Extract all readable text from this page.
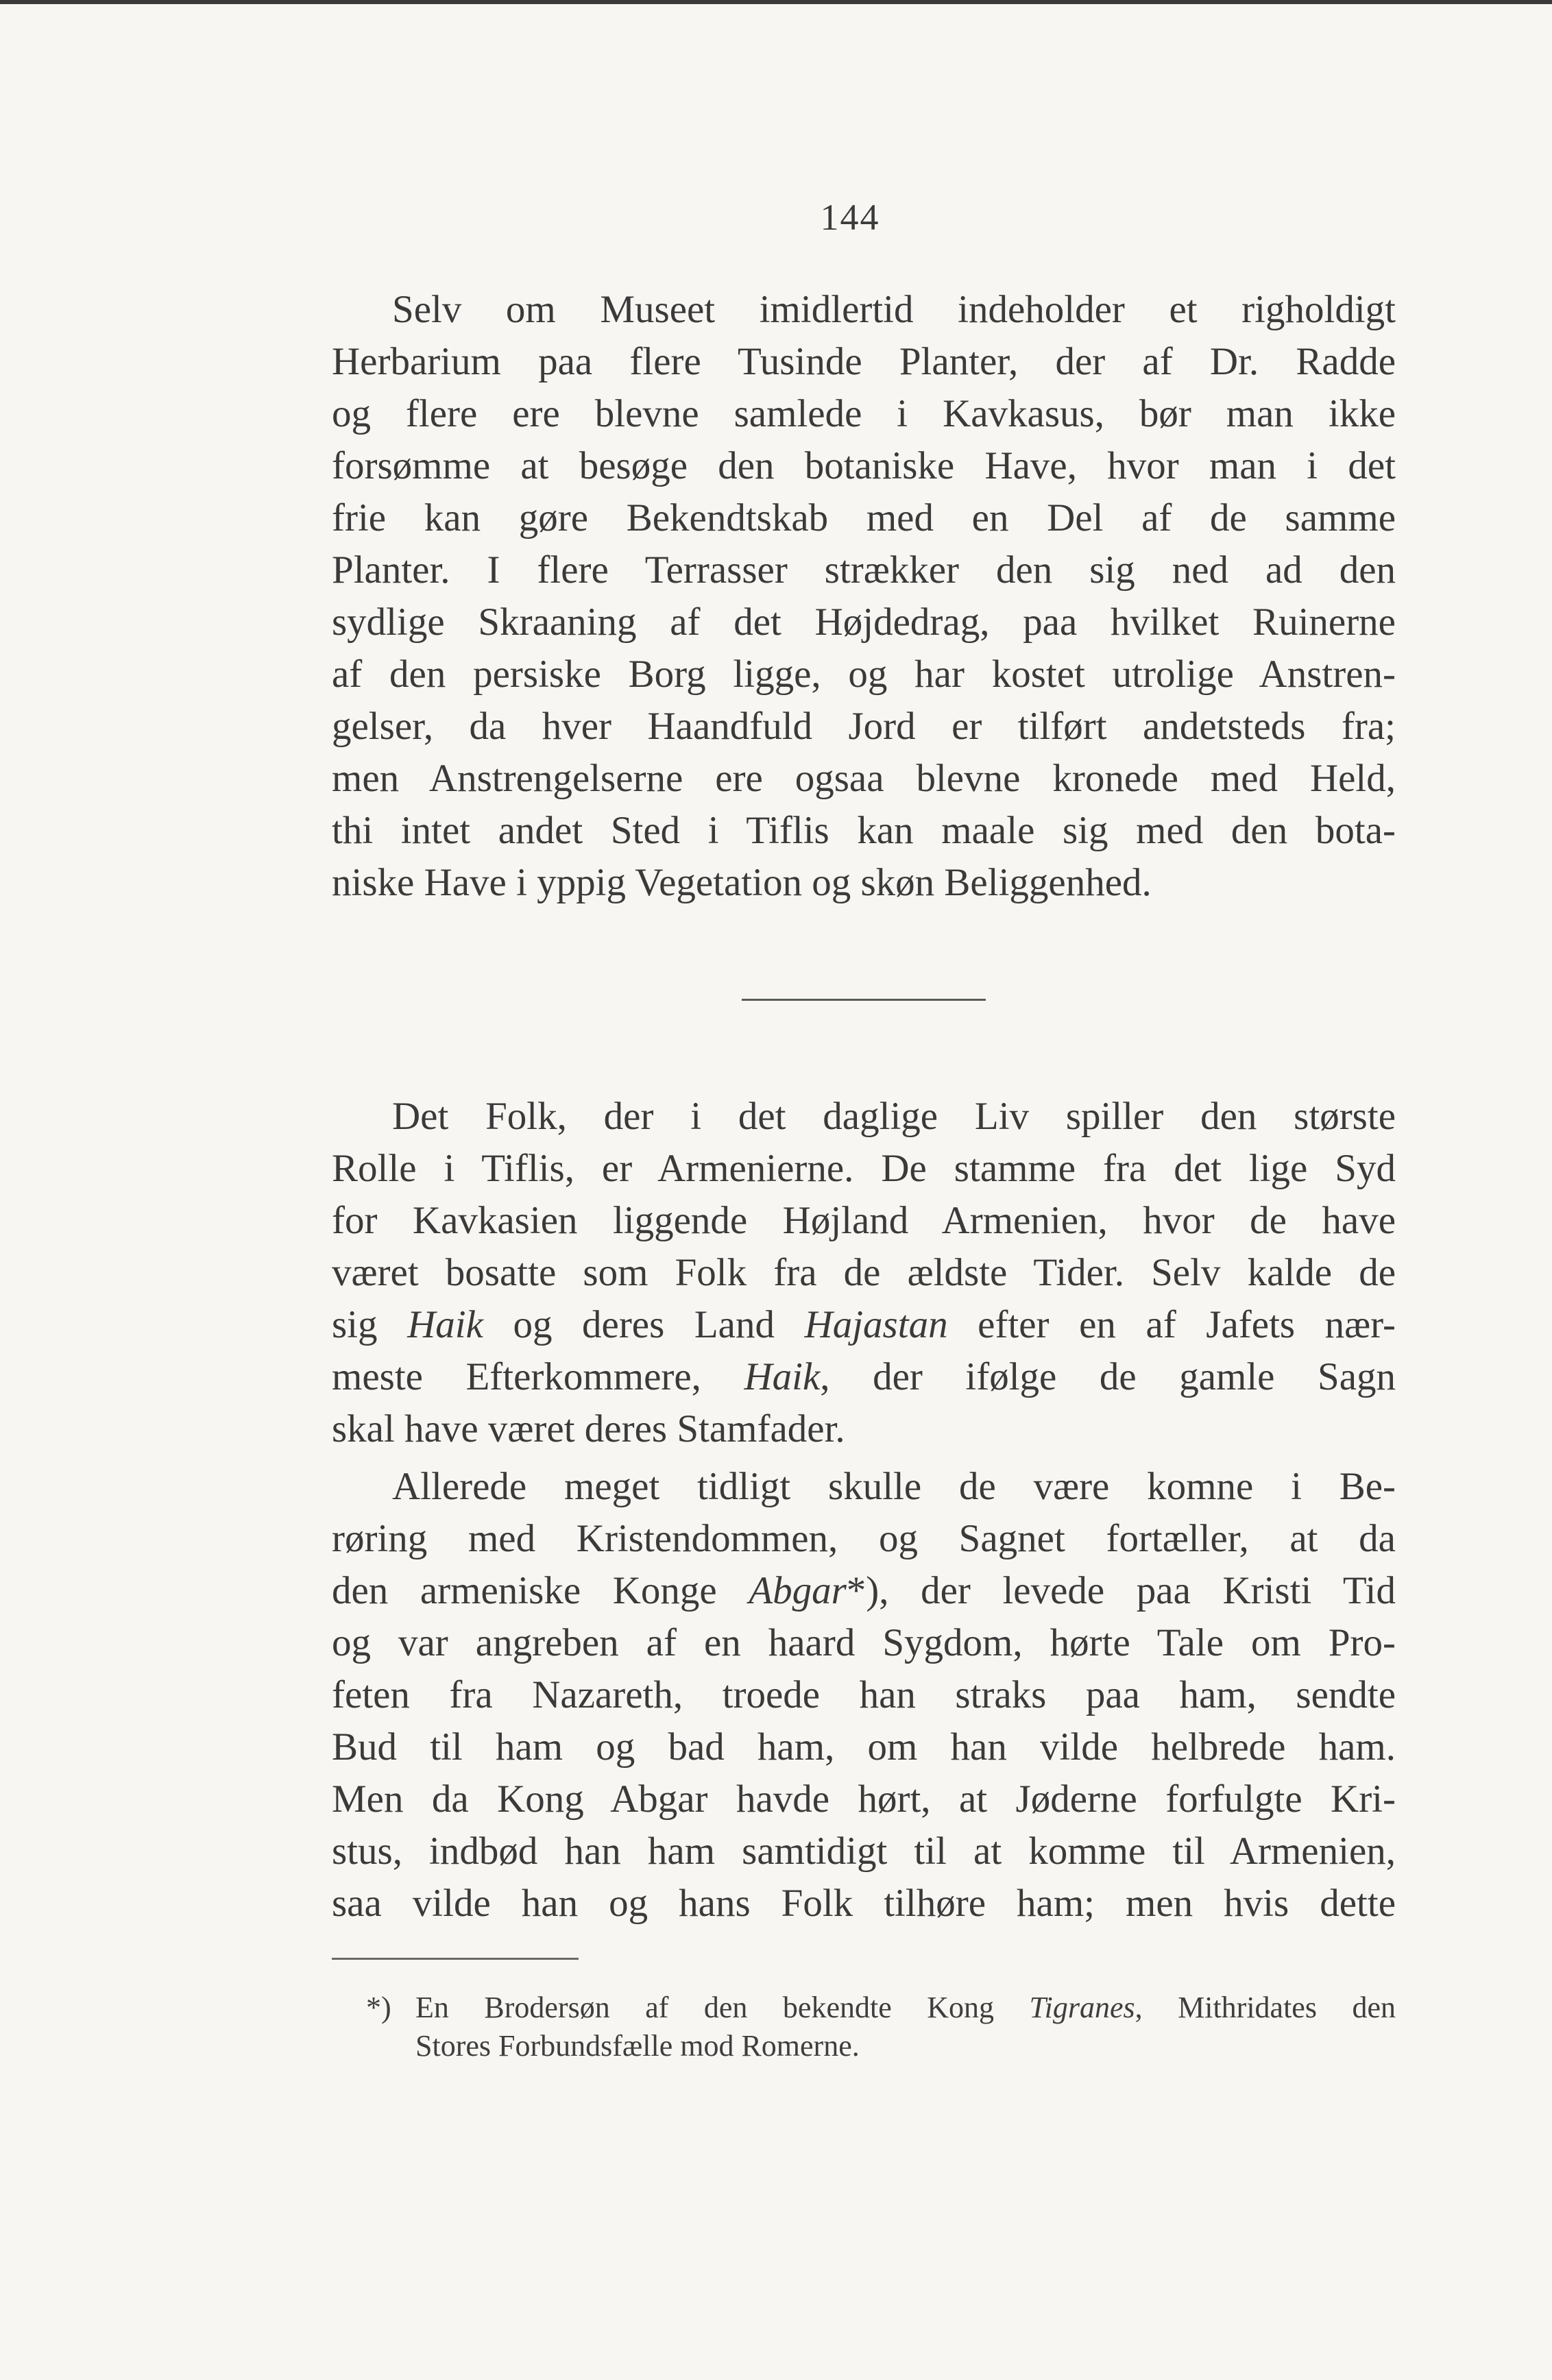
144
Selv om Museet imidlertid indeholder et righoldigt
Herbarium paa flere Tusinde Planter, der af Dr. Radde
og flere ere blevne samlede i Kavkasus, bør man ikke
forsømme at besøge den botaniske Have, hvor man i det
frie kan gøre Bekendtskab med en Del af de samme
Planter. I flere Terrasser strækker den sig ned ad den
sydlige Skraaning af det Højdedrag, paa hvilket Ruinerne
af den persiske Borg ligge, og har kostet utrolige Anstren-
gelser, da hver Haandfuld Jord er tilført andetsteds fra;
men Anstrengelserne ere ogsaa blevne kronede med Held,
thi intet andet Sted i Tiflis kan maale sig med den bota-
niske Have i yppig Vegetation og skøn Beliggenhed.
Det Folk, der i det daglige Liv spiller den største
Rolle i Tiflis, er Armenierne. De stamme fra det lige Syd
for Kavkasien liggende Højland Armenien, hvor de have
været bosatte som Folk fra de ældste Tider. Selv kalde de
sig Haik og deres Land Hajastan efter en af Jafets nær-
meste Efterkommere, Haik, der ifølge de gamle Sagn
skal have været deres Stamfader.
Allerede meget tidligt skulle de være komne i Be-
røring med Kristendommen, og Sagnet fortæller, at da
den armeniske Konge Abgar*), der levede paa Kristi Tid
og var angreben af en haard Sygdom, hørte Tale om Pro-
feten fra Nazareth, troede han straks paa ham, sendte
Bud til ham og bad ham, om han vilde helbrede ham.
Men da Kong Abgar havde hørt, at Jøderne forfulgte Kri-
stus, indbød han ham samtidigt til at komme til Armenien,
saa vilde han og hans Folk tilhøre ham; men hvis dette
*) En Brodersøn af den bekendte Kong Tigranes, Mithridates den
Stores Forbundsfælle mod Romerne.
